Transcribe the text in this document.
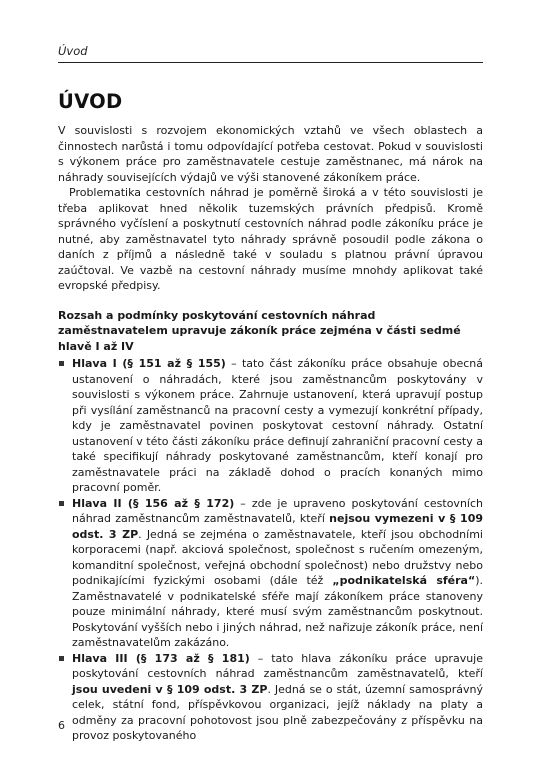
Úvod
ÚVOD

V souvislosti s rozvojem ekonomických vztahů ve všech oblastech a činnostech narůstá i tomu odpovídající potřeba cestovat. Pokud v souvislosti s výkonem práce pro zaměstnavatele cestuje zaměstnanec, má nárok na náhrady souvisejících výdajů ve výši stanovené zákoníkem práce.

Problematika cestovních náhrad je poměrně široká a v této souvislosti je třeba aplikovat hned několik tuzemských právních předpisů. Kromě správného vyčíslení a poskytnutí cestovních náhrad podle zákoníku práce je nutné, aby zaměstnavatel tyto náhrady správně posoudil podle zákona o daních z příjmů a následně také v souladu s platnou právní úpravou zaúčtoval. Ve vazbě na cestovní náhrady musíme mnohdy aplikovat také evropské předpisy.

Rozsah a podmínky poskytování cestovních náhrad zaměstnavatelem upravuje zákoník práce zejména v části sedmé hlavě I až IV
Hlava I (§ 151 až § 155) – tato část zákoníku práce obsahuje obecná ustanovení o náhradách, které jsou zaměstnancům poskytovány v souvislosti s výkonem práce. Zahrnuje ustanovení, která upravují postup při vysílání zaměstnanců na pracovní cesty a vymezují konkrétní případy, kdy je zaměstnavatel povinen poskytovat cestovní náhrady. Ostatní ustanovení v této části zákoníku práce definují zahraniční pracovní cesty a také specifikují náhrady poskytované zaměstnancům, kteří konají pro zaměstnavatele práci na základě dohod o pracích konaných mimo pracovní poměr.
Hlava II (§ 156 až § 172) – zde je upraveno poskytování cestovních náhrad zaměstnancům zaměstnavatelů, kteří nejsou vymezeni v § 109 odst. 3 ZP. Jedná se zejména o zaměstnavatele, kteří jsou obchodními korporacemi (např. akciová společnost, společnost s ručením omezeným, komanditní společnost, veřejná obchodní společnost) nebo družstvy nebo podnikajícími fyzickými osobami (dále též „podnikatelská sféra“). Zaměstnavatelé v podnikatelské sféře mají zákoníkem práce stanoveny pouze minimální náhrady, které musí svým zaměstnancům poskytnout. Poskytování vyšších nebo i jiných náhrad, než nařizuje zákoník práce, není zaměstnavatelům zakázáno.
Hlava III (§ 173 až § 181) – tato hlava zákoníku práce upravuje poskytování cestovních náhrad zaměstnancům zaměstnavatelů, kteří jsou uvedeni v § 109 odst. 3 ZP. Jedná se o stát, územní samosprávný celek, státní fond, příspěvkovou organizaci, jejíž náklady na platy a odměny za pracovní pohotovost jsou plně zabezpečovány z příspěvku na provoz poskytovaného
6
